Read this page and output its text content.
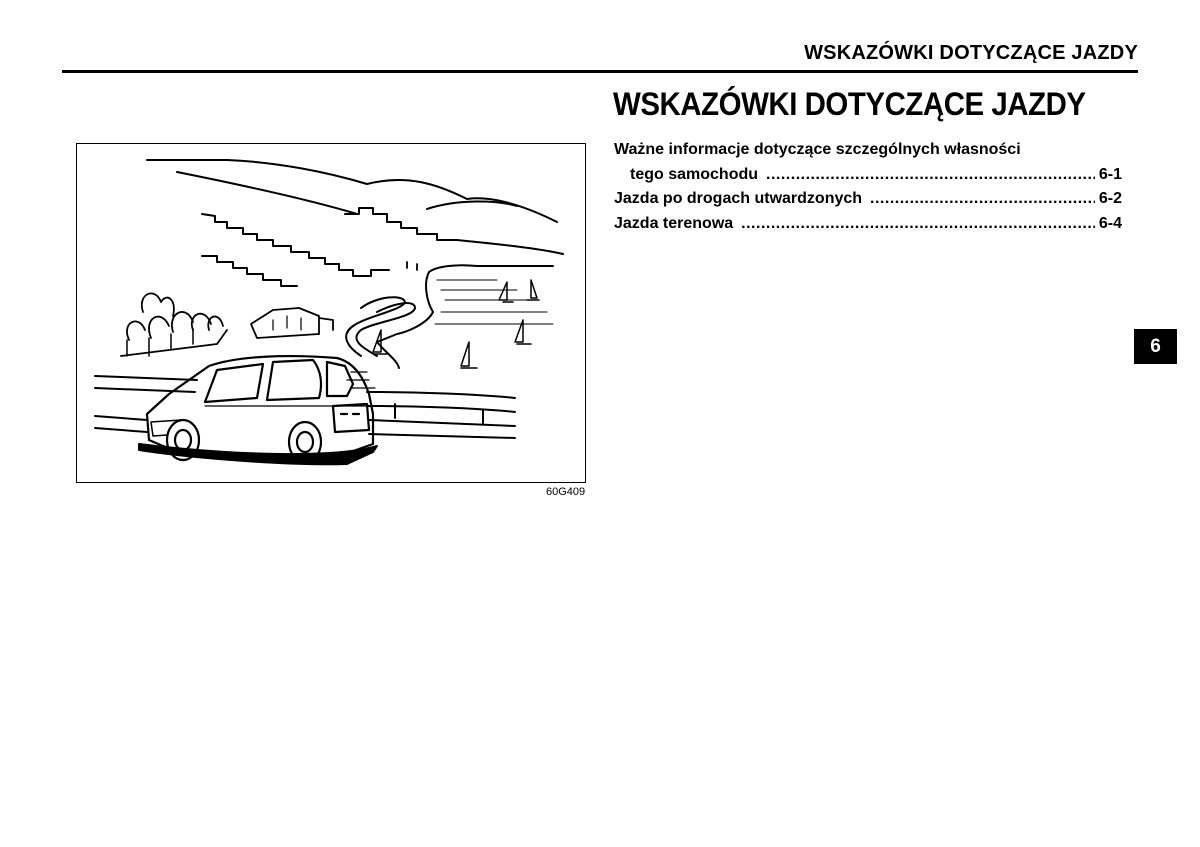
WSKAZÓWKI DOTYCZĄCE JAZDY
60G409
WSKAZÓWKI DOTYCZĄCE JAZDY
Ważne informacje dotyczące szczególnych własności
tego samochodu .....	6-1
Jazda po drogach utwardzonych .....	6-2
Jazda terenowa .....	6-4
6
